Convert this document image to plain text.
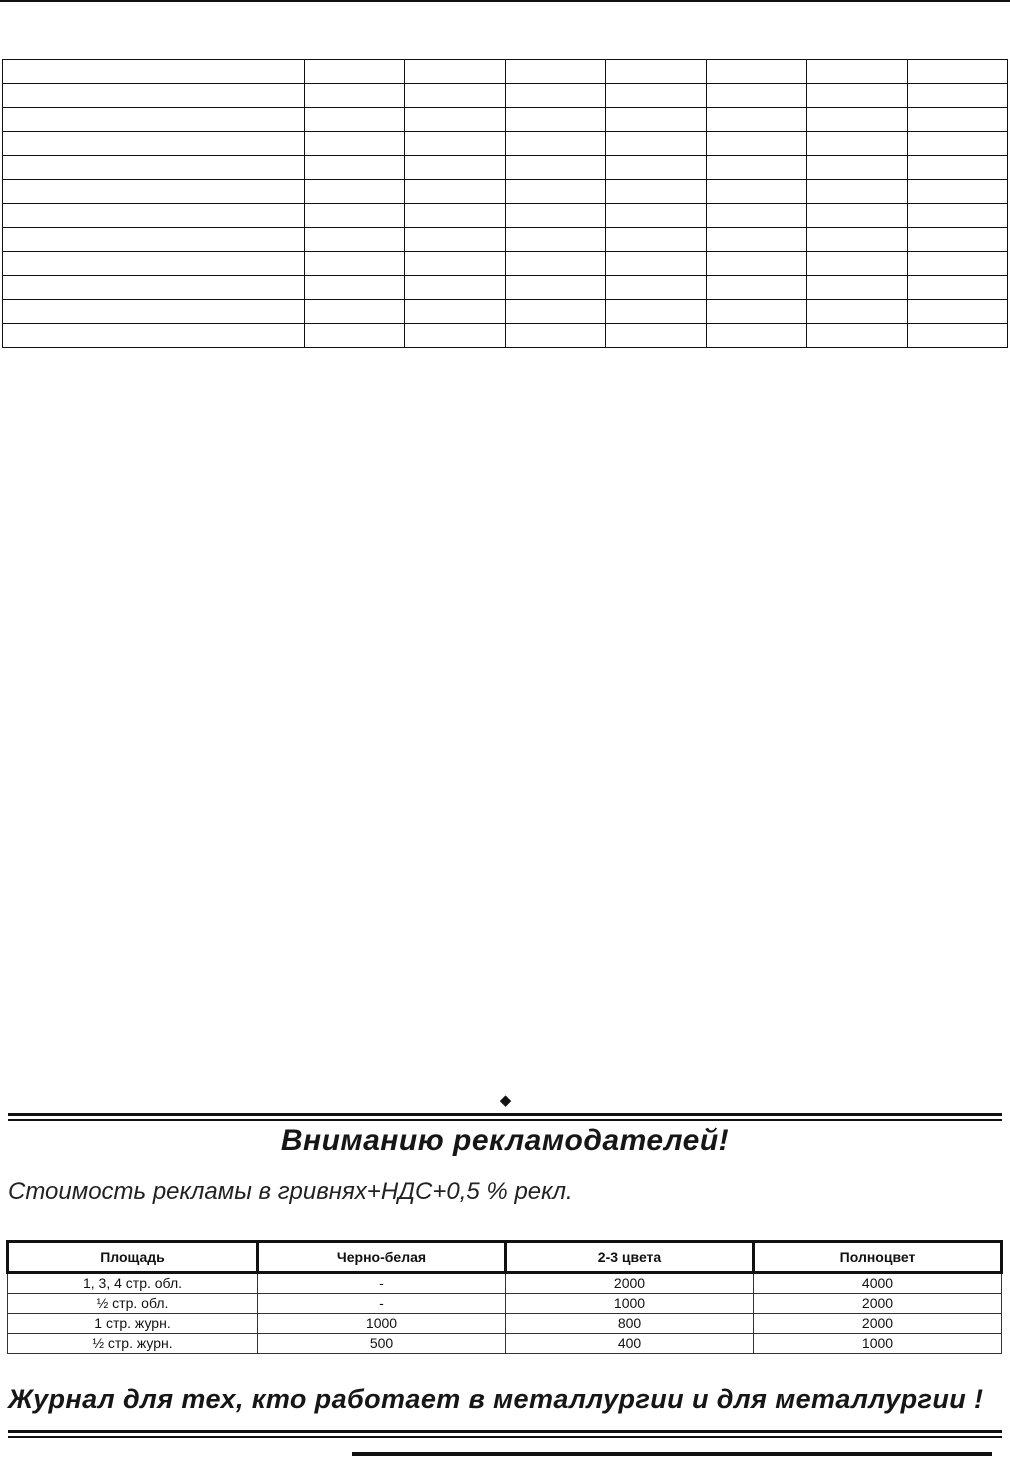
◆
Вниманию рекламодателей!
Стоимость рекламы в гривнях+НДС+0,5 % рекл.
Площадь	Черно-белая	2-3 цвета	Полноцвет
1, 3, 4 стр. обл.	-	2000	4000
½ стр. обл.	-	1000	2000
1 стр. журн.	1000	800	2000
½ стр. журн.	500	400	1000
Журнал для тех, кто работает в металлургии и для металлургии !
